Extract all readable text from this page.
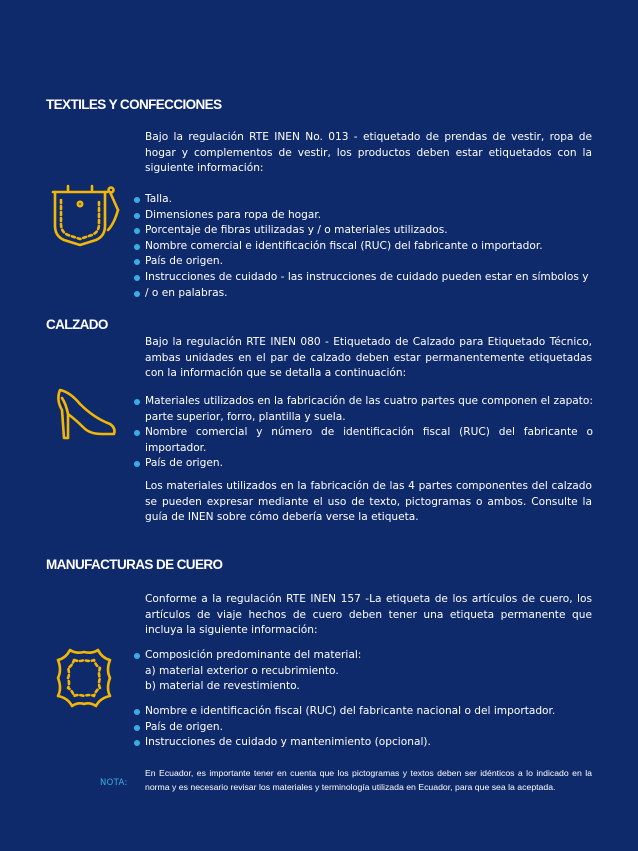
TEXTILES Y CONFECCIONES

Bajo la regulación RTE INEN No. 013 - etiquetado de prendas de vestir, ropa de hogar y complementos de vestir, los productos deben estar etiquetados con la siguiente información:

Talla.
Dimensiones para ropa de hogar.
Porcentaje de fibras utilizadas y / o materiales utilizados.
Nombre comercial e identificación fiscal (RUC) del fabricante o importador.
País de origen.
Instrucciones de cuidado - las instrucciones de cuidado pueden estar en símbolos y
/ o en palabras.
CALZADO

Bajo la regulación RTE INEN 080 - Etiquetado de Calzado para Etiquetado Técnico, ambas unidades en el par de calzado deben estar permanentemente etiquetadas con la información que se detalla a continuación:

Materiales utilizados en la fabricación de las cuatro partes que componen el zapato: parte superior, forro, plantilla y suela.
Nombre comercial y número de identificación fiscal (RUC) del fabricante o importador.
País de origen.

Los materiales utilizados en la fabricación de las 4 partes componentes del calzado se pueden expresar mediante el uso de texto, pictogramas o ambos. Consulte la guía de INEN sobre cómo debería verse la etiqueta.

MANUFACTURAS DE CUERO

Conforme a la regulación RTE INEN 157 -La etiqueta de los artículos de cuero, los artículos de viaje hechos de cuero deben tener una etiqueta permanente que incluya la siguiente información:

Composición predominante del material:
a) material exterior o recubrimiento.
b) material de revestimiento.
Nombre e identificación fiscal (RUC) del fabricante nacional o del importador.
País de origen.
Instrucciones de cuidado y mantenimiento (opcional).
NOTA:

En Ecuador, es importante tener en cuenta que los pictogramas y textos deben ser idénticos a lo indicado en la norma y es necesario revisar los materiales y terminología utilizada en Ecuador, para que sea la aceptada.
